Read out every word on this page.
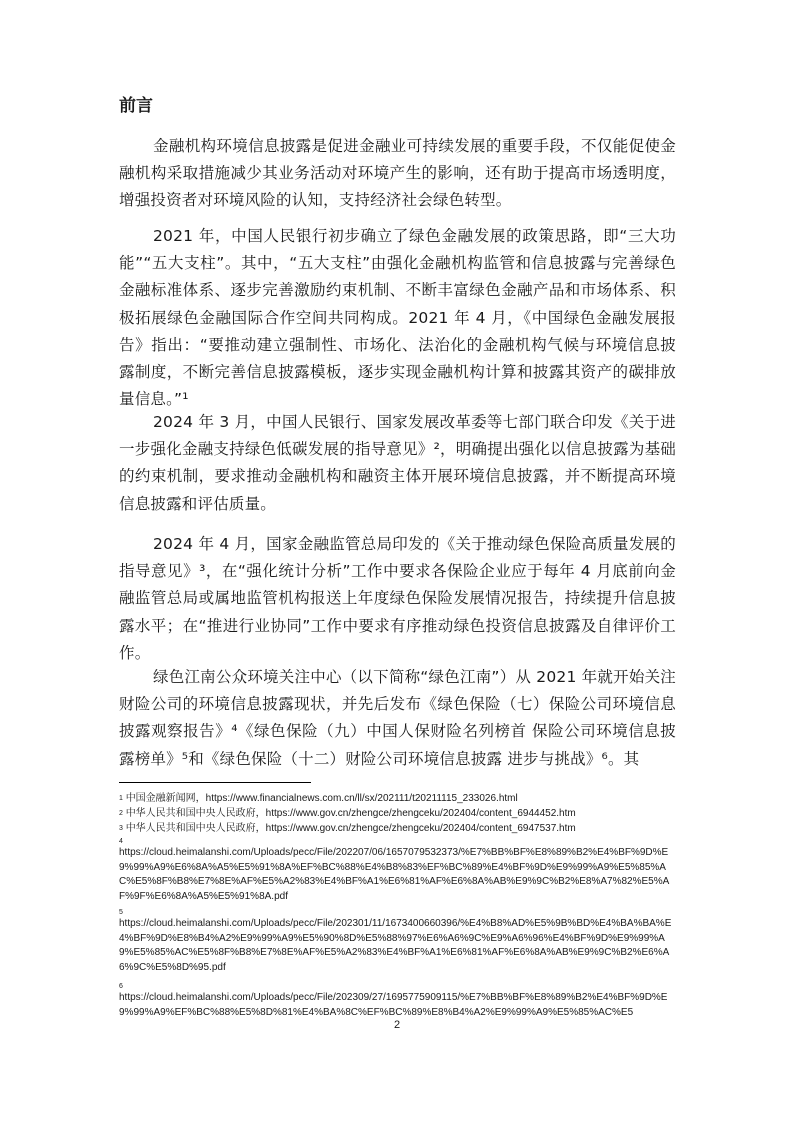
前言

金融机构环境信息披露是促进金融业可持续发展的重要手段，不仅能促使金融机构采取措施减少其业务活动对环境产生的影响，还有助于提高市场透明度，增强投资者对环境风险的认知，支持经济社会绿色转型。

2021 年，中国人民银行初步确立了绿色金融发展的政策思路，即“三大功能”“五大支柱”。其中，“五大支柱”由强化金融机构监管和信息披露与完善绿色金融标准体系、逐步完善激励约束机制、不断丰富绿色金融产品和市场体系、积极拓展绿色金融国际合作空间共同构成。2021 年 4 月，《中国绿色金融发展报告》指出：“要推动建立强制性、市场化、法治化的金融机构气候与环境信息披露制度，不断完善信息披露模板，逐步实现金融机构计算和披露其资产的碳排放量信息。”¹

2024 年 3 月，中国人民银行、国家发展改革委等七部门联合印发《关于进一步强化金融支持绿色低碳发展的指导意见》²，明确提出强化以信息披露为基础的约束机制，要求推动金融机构和融资主体开展环境信息披露，并不断提高环境信息披露和评估质量。

2024 年 4 月，国家金融监管总局印发的《关于推动绿色保险高质量发展的指导意见》³，在“强化统计分析”工作中要求各保险企业应于每年 4 月底前向金融监管总局或属地监管机构报送上年度绿色保险发展情况报告，持续提升信息披露水平；在“推进行业协同”工作中要求有序推动绿色投资信息披露及自律评价工作。

绿色江南公众环境关注中心（以下简称“绿色江南”）从 2021 年就开始关注财险公司的环境信息披露现状，并先后发布《绿色保险（七）保险公司环境信息披露观察报告》⁴《绿色保险（九）中国人保财险名列榜首 保险公司环境信息披露榜单》⁵和《绿色保险（十二）财险公司环境信息披露 进步与挑战》⁶。其

$^1$ 中国金融新闻网，https://www.financialnews.com.cn/ll/sx/202111/t20211115_233026.html

$^2$ 中华人民共和国中央人民政府，https://www.gov.cn/zhengce/zhengceku/202404/content_6944452.htm

$^3$ 中华人民共和国中央人民政府，https://www.gov.cn/zhengce/zhengceku/202404/content_6947537.htm

4
https://cloud.heimalanshi.com/Uploads/pecc/File/202207/06/1657079532373/%E7%BB%BF%E8%89%B2%E4%BF%9D%E9%99%A9%E6%8A%A5%E5%91%8A%EF%BC%88%E4%B8%83%EF%BC%89%E4%BF%9D%E9%99%A9%E5%85%AC%E5%8F%B8%E7%8E%AF%E5%A2%83%E4%BF%A1%E6%81%AF%E6%8A%AB%E9%9C%B2%E8%A7%82%E5%AF%9F%E6%8A%A5%E5%91%8A.pdf

5
https://cloud.heimalanshi.com/Uploads/pecc/File/202301/11/1673400660396/%E4%B8%AD%E5%9B%BD%E4%BA%BA%E4%BF%9D%E8%B4%A2%E9%99%A9%E5%90%8D%E5%88%97%E6%A6%9C%E9%A6%96%E4%BF%9D%E9%99%A9%E5%85%AC%E5%8F%B8%E7%8E%AF%E5%A2%83%E4%BF%A1%E6%81%AF%E6%8A%AB%E9%9C%B2%E6%A6%9C%E5%8D%95.pdf

6
https://cloud.heimalanshi.com/Uploads/pecc/File/202309/27/1695775909115/%E7%BB%BF%E8%89%B2%E4%BF%9D%E9%99%A9%EF%BC%88%E5%8D%81%E4%BA%8C%EF%BC%89%E8%B4%A2%E9%99%A9%E5%85%AC%E5

2
